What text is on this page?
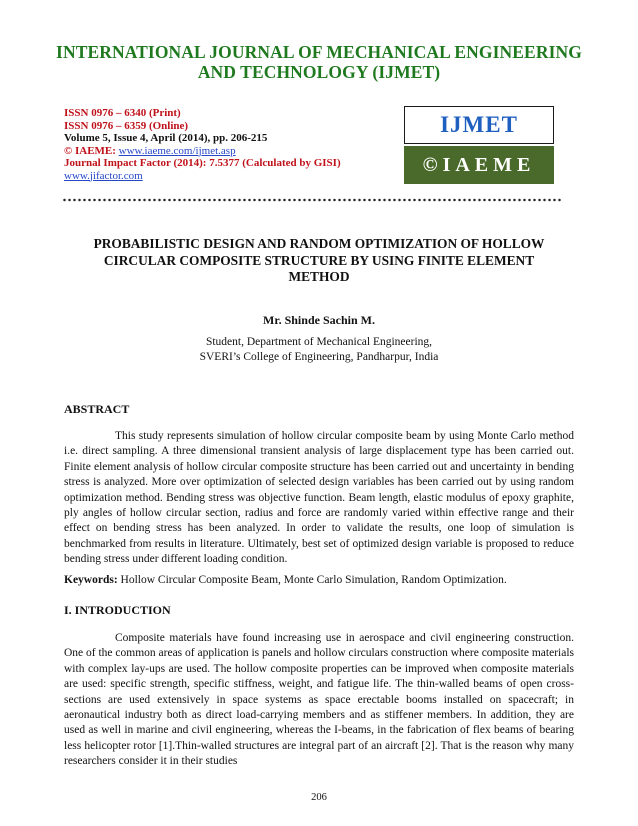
INTERNATIONAL JOURNAL OF MECHANICAL ENGINEERING
AND TECHNOLOGY (IJMET)
ISSN 0976 – 6340 (Print)
ISSN 0976 – 6359 (Online)
Volume 5, Issue 4, April (2014), pp. 206-215
© IAEME: www.iaeme.com/ijmet.asp
Journal Impact Factor (2014): 7.5377 (Calculated by GISI)
www.jifactor.com
IJMET
©IAEME
PROBABILISTIC DESIGN AND RANDOM OPTIMIZATION OF HOLLOW
CIRCULAR COMPOSITE STRUCTURE BY USING FINITE ELEMENT
METHOD
Mr. Shinde Sachin M.
Student, Department of Mechanical Engineering,
SVERI’s College of Engineering, Pandharpur, India
ABSTRACT

This study represents simulation of hollow circular composite beam by using Monte Carlo method i.e. direct sampling. A three dimensional transient analysis of large displacement type has been carried out. Finite element analysis of hollow circular composite structure has been carried out and uncertainty in bending stress is analyzed. More over optimization of selected design variables has been carried out by using random optimization method. Bending stress was objective function. Beam length, elastic modulus of epoxy graphite, ply angles of hollow circular section, radius and force are randomly varied within effective range and their effect on bending stress has been analyzed. In order to validate the results, one loop of simulation is benchmarked from results in literature. Ultimately, best set of optimized design variable is proposed to reduce bending stress under different loading condition.

Keywords: Hollow Circular Composite Beam, Monte Carlo Simulation, Random Optimization.
I. INTRODUCTION

Composite materials have found increasing use in aerospace and civil engineering construction. One of the common areas of application is panels and hollow circulars construction where composite materials with complex lay-ups are used. The hollow composite properties can be improved when composite materials are used: specific strength, specific stiffness, weight, and fatigue life. The thin-walled beams of open cross-sections are used extensively in space systems as space erectable booms installed on spacecraft; in aeronautical industry both as direct load-carrying members and as stiffener members. In addition, they are used as well in marine and civil engineering, whereas the I-beams, in the fabrication of flex beams of bearing less helicopter rotor [1].Thin-walled structures are integral part of an aircraft [2]. That is the reason why many researchers consider it in their studies

206
